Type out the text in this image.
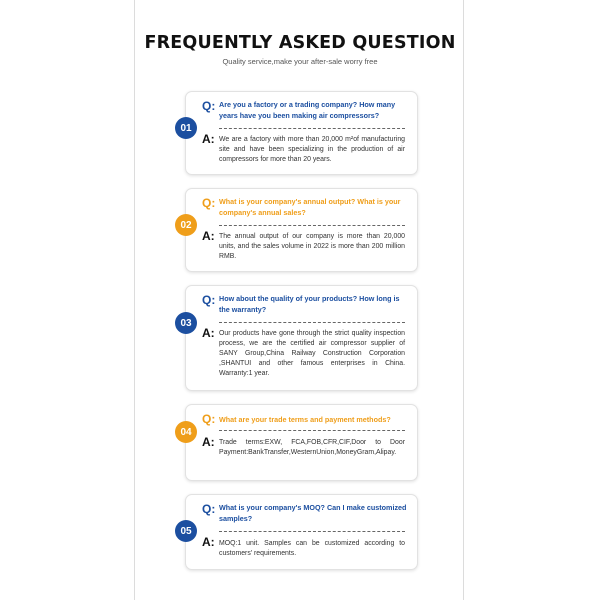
FREQUENTLY ASKED QUESTION
Quality service,make your after-sale worry free
Q: Are you a factory or a trading company? How many years have you been making air compressors?
A: We are a factory with more than 20,000 m²of manufacturing site and have been specializing in the production of air compressors for more than 20 years.
01
Q: What is your company's annual output? What is your company's annual sales?
A: The annual output of our company is more than 20,000 units, and the sales volume in 2022 is more than 200 million RMB.
02
Q: How about the quality of your products? How long is the warranty?
A: Our products have gone through the strict quality inspection process, we are the certified air compressor supplier of SANY Group,China Railway Construction Corporation ,SHANTUI and other famous enterprises in China. Warranty:1 year.
03
Q: What are your trade terms and payment methods?
A: Trade terms:EXW, FCA,FOB,CFR,CIF,Door to Door Payment:BankTransfer,WesternUnion,MoneyGram,Alipay.
04
Q: What is your company's MOQ? Can I make customized samples?
A: MOQ:1 unit. Samples can be customized according to customers' requirements.
05
